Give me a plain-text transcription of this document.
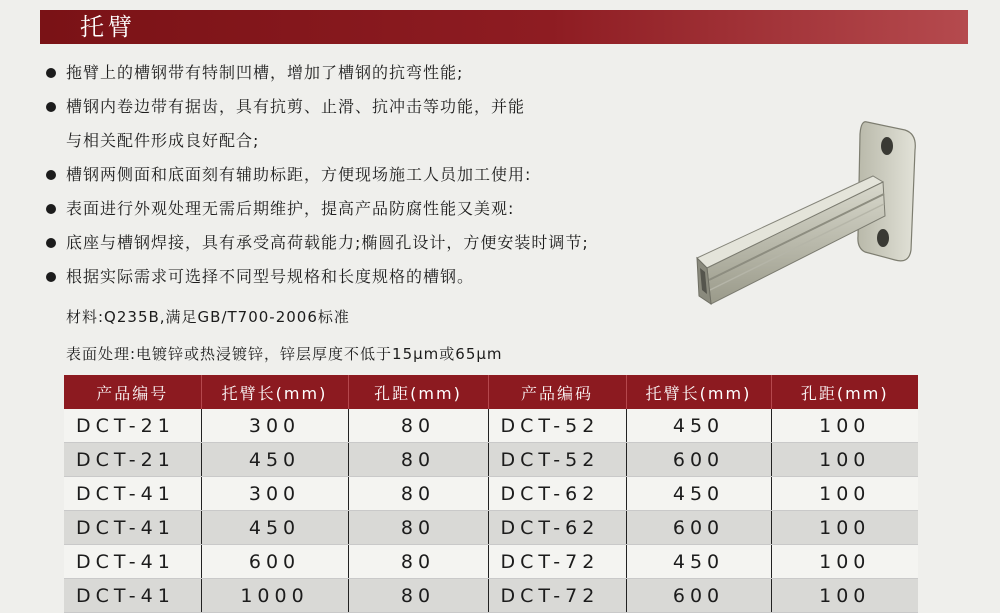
托臂
拖臂上的槽钢带有特制凹槽，增加了槽钢的抗弯性能;
槽钢内卷边带有据齿，具有抗剪、止滑、抗冲击等功能，并能
与相关配件形成良好配合;
槽钢两侧面和底面刻有辅助标距，方便现场施工人员加工使用:
表面进行外观处理无需后期维护，提高产品防腐性能又美观:
底座与槽钢焊接，具有承受高荷载能力;椭圆孔设计，方便安装时调节;
根据实际需求可选择不同型号规格和长度规格的槽钢。
材料:Q235B,满足GB/T700-2006标准
表面处理:电镀锌或热浸镀锌，锌层厚度不低于15μm或65μm
产品编号	托臂长(mm)	孔距(mm)	产品编码	托臂长(mm)	孔距(mm)
DCT-21	300	80	DCT-52	450	100
DCT-21	450	80	DCT-52	600	100
DCT-41	300	80	DCT-62	450	100
DCT-41	450	80	DCT-62	600	100
DCT-41	600	80	DCT-72	450	100
DCT-41	1000	80	DCT-72	600	100
